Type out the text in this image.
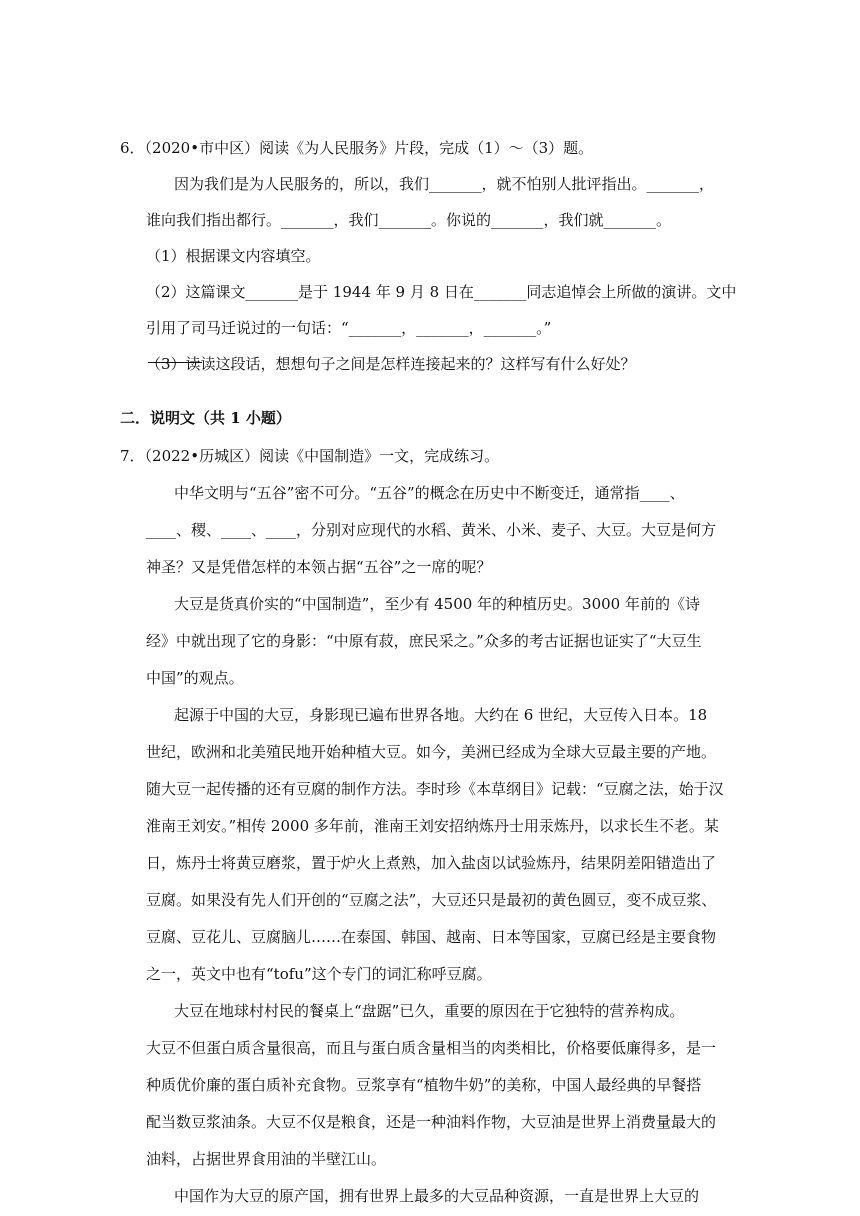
6．（2020•市中区）阅读《为人民服务》片段，完成（1）～（3）题。
因为我们是为人民服务的，所以，我们_______，就不怕别人批评指出。_______，
谁向我们指出都行。_______，我们_______。你说的_______，我们就_______。
（1）根据课文内容填空。
（2）这篇课文_______是于 1944 年 9 月 8 日在_______同志追悼会上所做的演讲。文中
引用了司马迁说过的一句话：“_______，_______，_______。”
（3）读读这段话，想想句子之间是怎样连接起来的？这样写有什么好处？
二．说明文（共 1 小题）
7．（2022•历城区）阅读《中国制造》一文，完成练习。
中华文明与“五谷”密不可分。“五谷”的概念在历史中不断变迁，通常指____、
____、稷、____、____，分别对应现代的水稻、黄米、小米、麦子、大豆。大豆是何方
神圣？又是凭借怎样的本领占据“五谷”之一席的呢？
大豆是货真价实的“中国制造”，至少有 4500 年的种植历史。3000 年前的《诗
经》中就出现了它的身影：“中原有菽，庶民采之。”众多的考古证据也证实了“大豆生
中国”的观点。
起源于中国的大豆，身影现已遍布世界各地。大约在 6 世纪，大豆传入日本。18
世纪，欧洲和北美殖民地开始种植大豆。如今，美洲已经成为全球大豆最主要的产地。
随大豆一起传播的还有豆腐的制作方法。李时珍《本草纲目》记载：“豆腐之法，始于汉
淮南王刘安。”相传 2000 多年前，淮南王刘安招纳炼丹士用汞炼丹，以求长生不老。某
日，炼丹士将黄豆磨浆，置于炉火上煮熟，加入盐卤以试验炼丹，结果阴差阳错造出了
豆腐。如果没有先人们开创的“豆腐之法”，大豆还只是最初的黄色圆豆，变不成豆浆、
豆腐、豆花儿、豆腐脑儿……在泰国、韩国、越南、日本等国家，豆腐已经是主要食物
之一，英文中也有“tofu”这个专门的词汇称呼豆腐。
大豆在地球村村民的餐桌上“盘踞”已久，重要的原因在于它独特的营养构成。
大豆不但蛋白质含量很高，而且与蛋白质含量相当的肉类相比，价格要低廉得多，是一
种质优价廉的蛋白质补充食物。豆浆享有“植物牛奶”的美称，中国人最经典的早餐搭
配当数豆浆油条。大豆不仅是粮食，还是一种油料作物，大豆油是世界上消费量最大的
油料，占据世界食用油的半壁江山。
中国作为大豆的原产国，拥有世界上最多的大豆品种资源，一直是世界上大豆的
